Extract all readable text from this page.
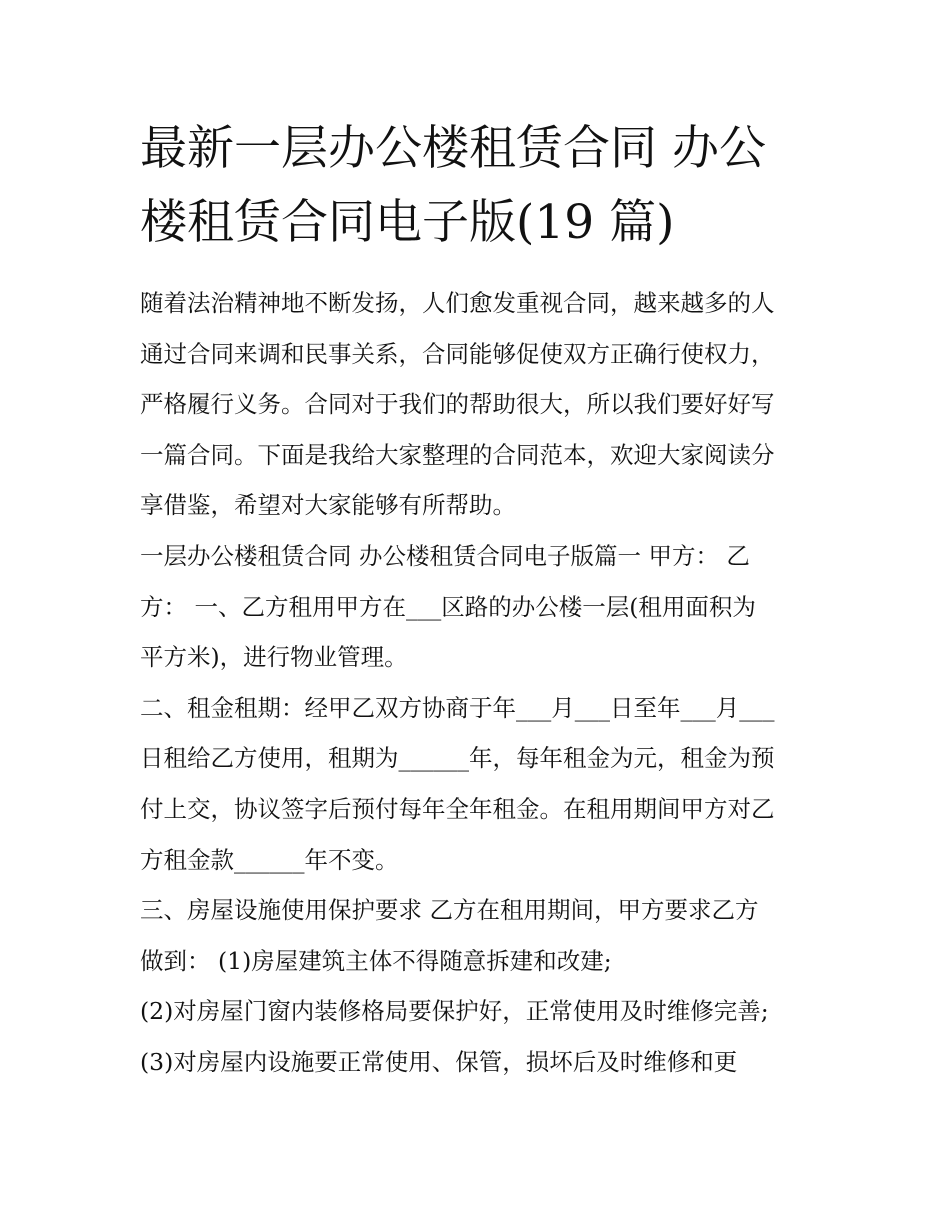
最新一层办公楼租赁合同 办公
楼租赁合同电子版(19 篇)
随着法治精神地不断发扬，人们愈发重视合同，越来越多的人
通过合同来调和民事关系，合同能够促使双方正确行使权力，
严格履行义务。合同对于我们的帮助很大，所以我们要好好写
一篇合同。下面是我给大家整理的合同范本，欢迎大家阅读分
享借鉴，希望对大家能够有所帮助。
一层办公楼租赁合同 办公楼租赁合同电子版篇一 甲方： 乙
方： 一、乙方租用甲方在___区路的办公楼一层(租用面积为
平方米)，进行物业管理。
二、租金租期：经甲乙双方协商于年___月___日至年___月___
日租给乙方使用，租期为______年，每年租金为元，租金为预
付上交，协议签字后预付每年全年租金。在租用期间甲方对乙
方租金款______年不变。
三、房屋设施使用保护要求 乙方在租用期间，甲方要求乙方
做到： (1)房屋建筑主体不得随意拆建和改建;
(2)对房屋门窗内装修格局要保护好，正常使用及时维修完善;
(3)对房屋内设施要正常使用、保管，损坏后及时维修和更
